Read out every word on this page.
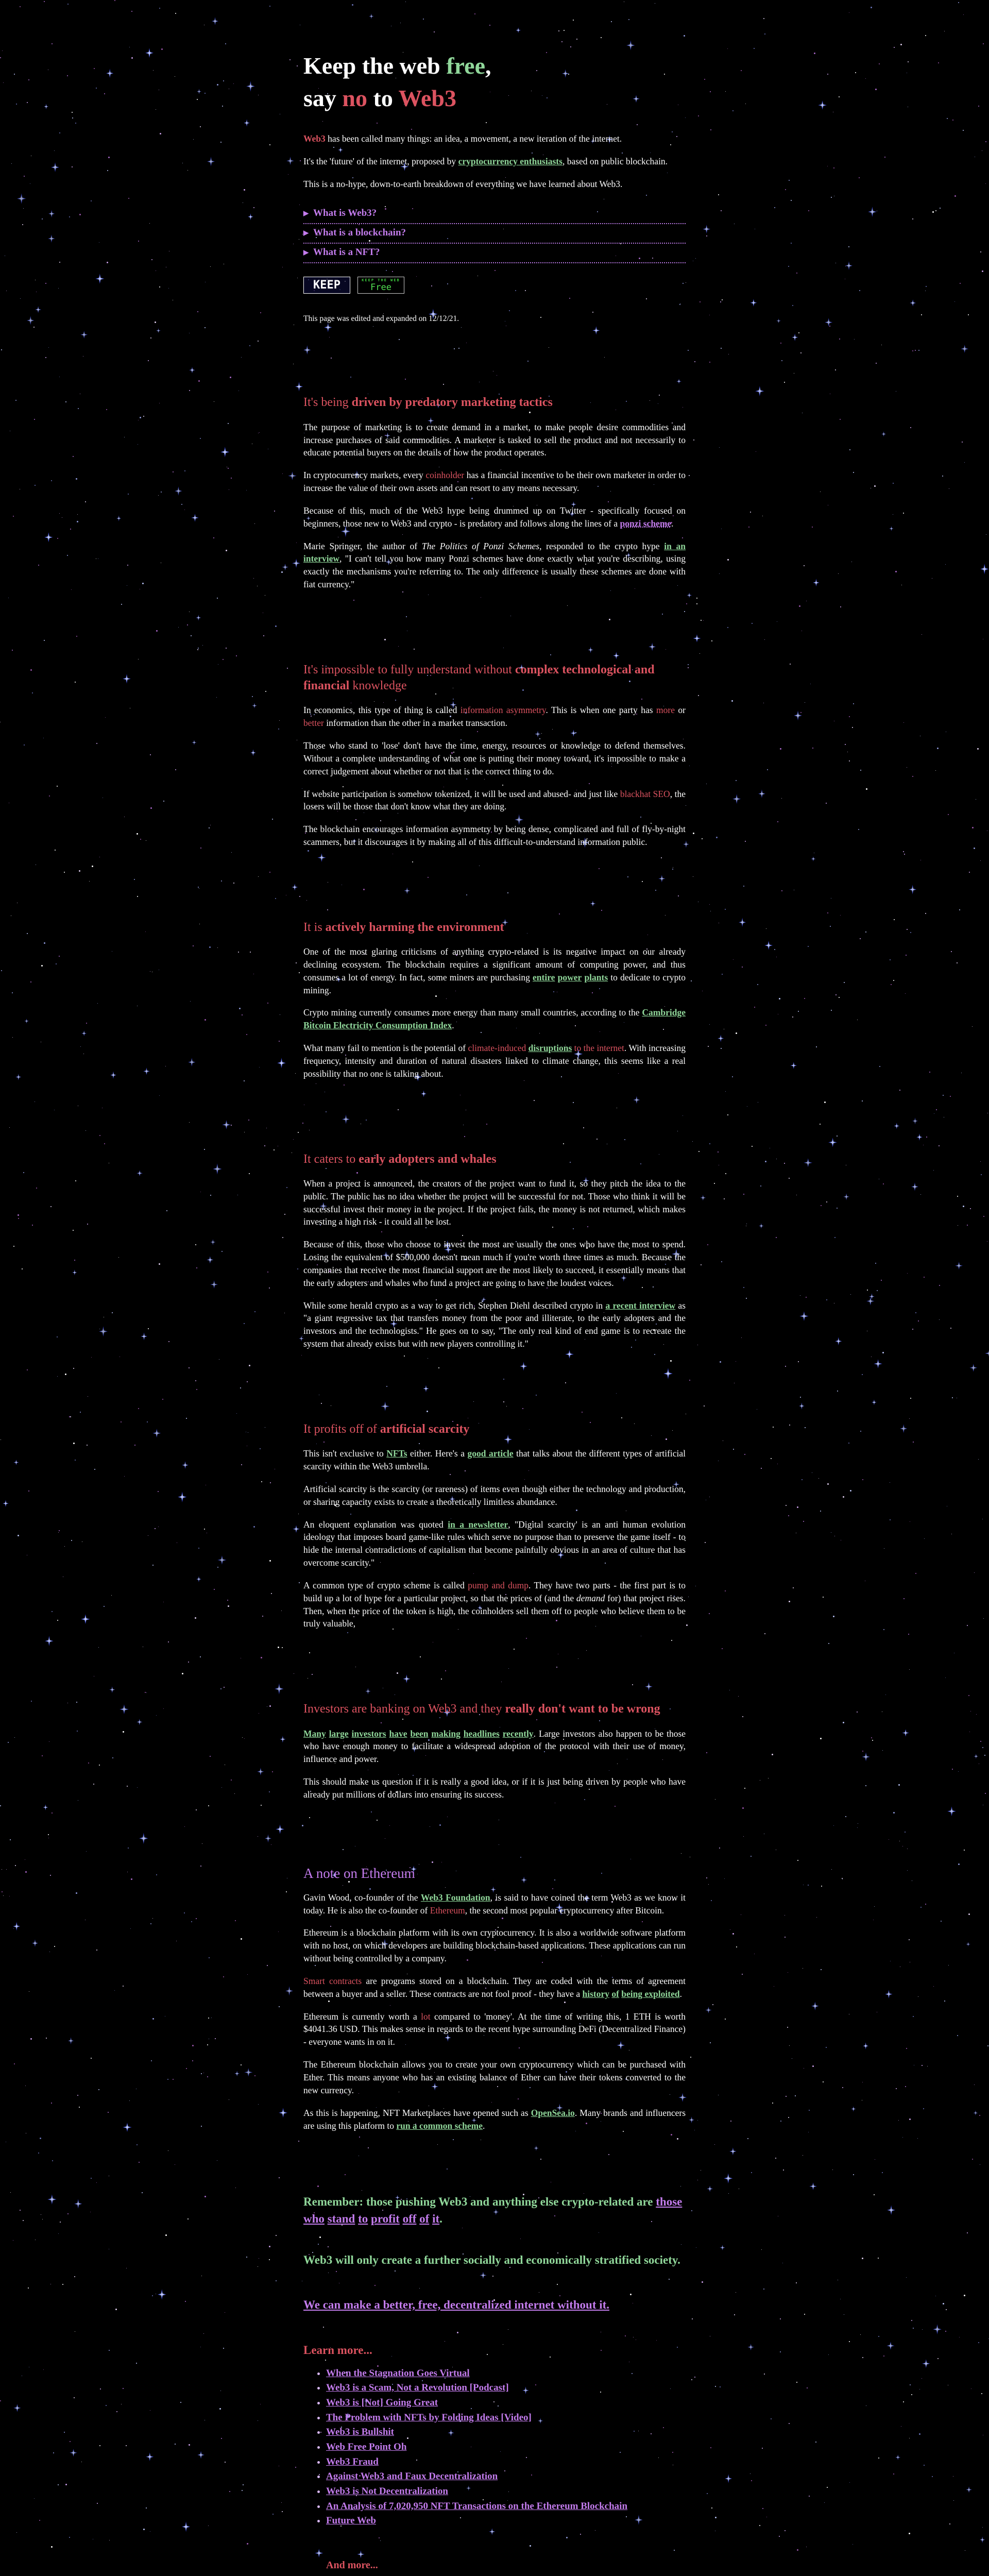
Keep the web free,
say no to Web3

Web3 has been called many things: an idea, a movement, a new iteration of the internet.

It's the 'future' of the internet, proposed by cryptocurrency enthusiasts, based on public blockchain.

This is a no-hype, down-to-earth breakdown of everything we have learned about Web3.

▶ What is Web3?
▶ What is a blockchain?
▶ What is a NFT?
KEEP	KEEP THE WEB
Free
This page was edited and expanded on 12/12/21.
It's being driven by predatory marketing tactics

The purpose of marketing is to create demand in a market, to make people desire commodities and increase purchases of said commodities. A marketer is tasked to sell the product and not necessarily to educate potential buyers on the details of how the product operates.

In cryptocurrency markets, every coinholder has a financial incentive to be their own marketer in order to increase the value of their own assets and can resort to any means necessary.

Because of this, much of the Web3 hype being drummed up on Twitter - specifically focused on beginners, those new to Web3 and crypto - is predatory and follows along the lines of a ponzi scheme.

Marie Springer, the author of The Politics of Ponzi Schemes, responded to the crypto hype in an interview, "I can't tell you how many Ponzi schemes have done exactly what you're describing, using exactly the mechanisms you're referring to. The only difference is usually these schemes are done with fiat currency."

It's impossible to fully understand without complex technological and financial knowledge

In economics, this type of thing is called information asymmetry. This is when one party has more or better information than the other in a market transaction.

Those who stand to 'lose' don't have the time, energy, resources or knowledge to defend themselves. Without a complete understanding of what one is putting their money toward, it's impossible to make a correct judgement about whether or not that is the correct thing to do.

If website participation is somehow tokenized, it will be used and abused- and just like blackhat SEO, the losers will be those that don't know what they are doing.

The blockchain encourages information asymmetry by being dense, complicated and full of fly-by-night scammers, but it discourages it by making all of this difficult-to-understand information public.

It is actively harming the environment

One of the most glaring criticisms of anything crypto-related is its negative impact on our already declining ecosystem. The blockchain requires a significant amount of computing power, and thus consumes a lot of energy. In fact, some miners are purchasing entire power plants to dedicate to crypto mining.

Crypto mining currently consumes more energy than many small countries, according to the Cambridge Bitcoin Electricity Consumption Index.

What many fail to mention is the potential of climate-induced disruptions to the internet. With increasing frequency, intensity and duration of natural disasters linked to climate change, this seems like a real possibility that no one is talking about.

It caters to early adopters and whales

When a project is announced, the creators of the project want to fund it, so they pitch the idea to the public. The public has no idea whether the project will be successful for not. Those who think it will be successful invest their money in the project. If the project fails, the money is not returned, which makes investing a high risk - it could all be lost.

Because of this, those who choose to invest the most are usually the ones who have the most to spend. Losing the equivalent of $500,000 doesn't mean much if you're worth three times as much. Because the companies that receive the most financial support are the most likely to succeed, it essentially means that the early adopters and whales who fund a project are going to have the loudest voices.

While some herald crypto as a way to get rich, Stephen Diehl described crypto in a recent interview as "a giant regressive tax that transfers money from the poor and illiterate, to the early adopters and the investors and the technologists." He goes on to say, "The only real kind of end game is to recreate the system that already exists but with new players controlling it."

It profits off of artificial scarcity

This isn't exclusive to NFTs either. Here's a good article that talks about the different types of artificial scarcity within the Web3 umbrella.

Artificial scarcity is the scarcity (or rareness) of items even though either the technology and production, or sharing capacity exists to create a theoretically limitless abundance.

An eloquent explanation was quoted in a newsletter, "Digital scarcity' is an anti human evolution ideology that imposes board game-like rules which serve no purpose than to preserve the game itself - to hide the internal contradictions of capitalism that become painfully obvious in an area of culture that has overcome scarcity."

A common type of crypto scheme is called pump and dump. They have two parts - the first part is to build up a lot of hype for a particular project, so that the prices of (and the demand for) that project rises. Then, when the price of the token is high, the coinholders sell them off to people who believe them to be truly valuable,

Investors are banking on Web3 and they really don't want to be wrong

Many large investors have been making headlines recently. Large investors also happen to be those who have enough money to facilitate a widespread adoption of the protocol with their use of money, influence and power.

This should make us question if it is really a good idea, or if it is just being driven by people who have already put millions of dollars into ensuring its success.

A note on Ethereum

Gavin Wood, co-founder of the Web3 Foundation, is said to have coined the term Web3 as we know it today. He is also the co-founder of Ethereum, the second most popular cryptocurrency after Bitcoin.

Ethereum is a blockchain platform with its own cryptocurrency. It is also a worldwide software platform with no host, on which developers are building blockchain-based applications. These applications can run without being controlled by a company.

Smart contracts are programs stored on a blockchain. They are coded with the terms of agreement between a buyer and a seller. These contracts are not fool proof - they have a history of being exploited.

Ethereum is currently worth a lot compared to 'money'. At the time of writing this, 1 ETH is worth $4041.36 USD. This makes sense in regards to the recent hype surrounding DeFi (Decentralized Finance) - everyone wants in on it.

The Ethereum blockchain allows you to create your own cryptocurrency which can be purchased with Ether. This means anyone who has an existing balance of Ether can have their tokens converted to the new currency.

As this is happening, NFT Marketplaces have opened such as OpenSea.io. Many brands and influencers are using this platform to run a common scheme.

Remember: those pushing Web3 and anything else crypto-related are those who stand to profit off of it.

Web3 will only create a further socially and economically stratified society.

We can make a better, free, decentralized internet without it.

Learn more...
• When the Stagnation Goes Virtual
• Web3 is a Scam, Not a Revolution [Podcast]
• Web3 is [Not] Going Great
• The Problem with NFTs by Folding Ideas [Video]
• Web3 is Bullshit
• Web Free Point Oh
• Web3 Fraud
• Against Web3 and Faux Decentralization
• Web3 is Not Decentralization
• An Analysis of 7,020,950 NFT Transactions on the Ethereum Blockchain
• Future Web
And more...
